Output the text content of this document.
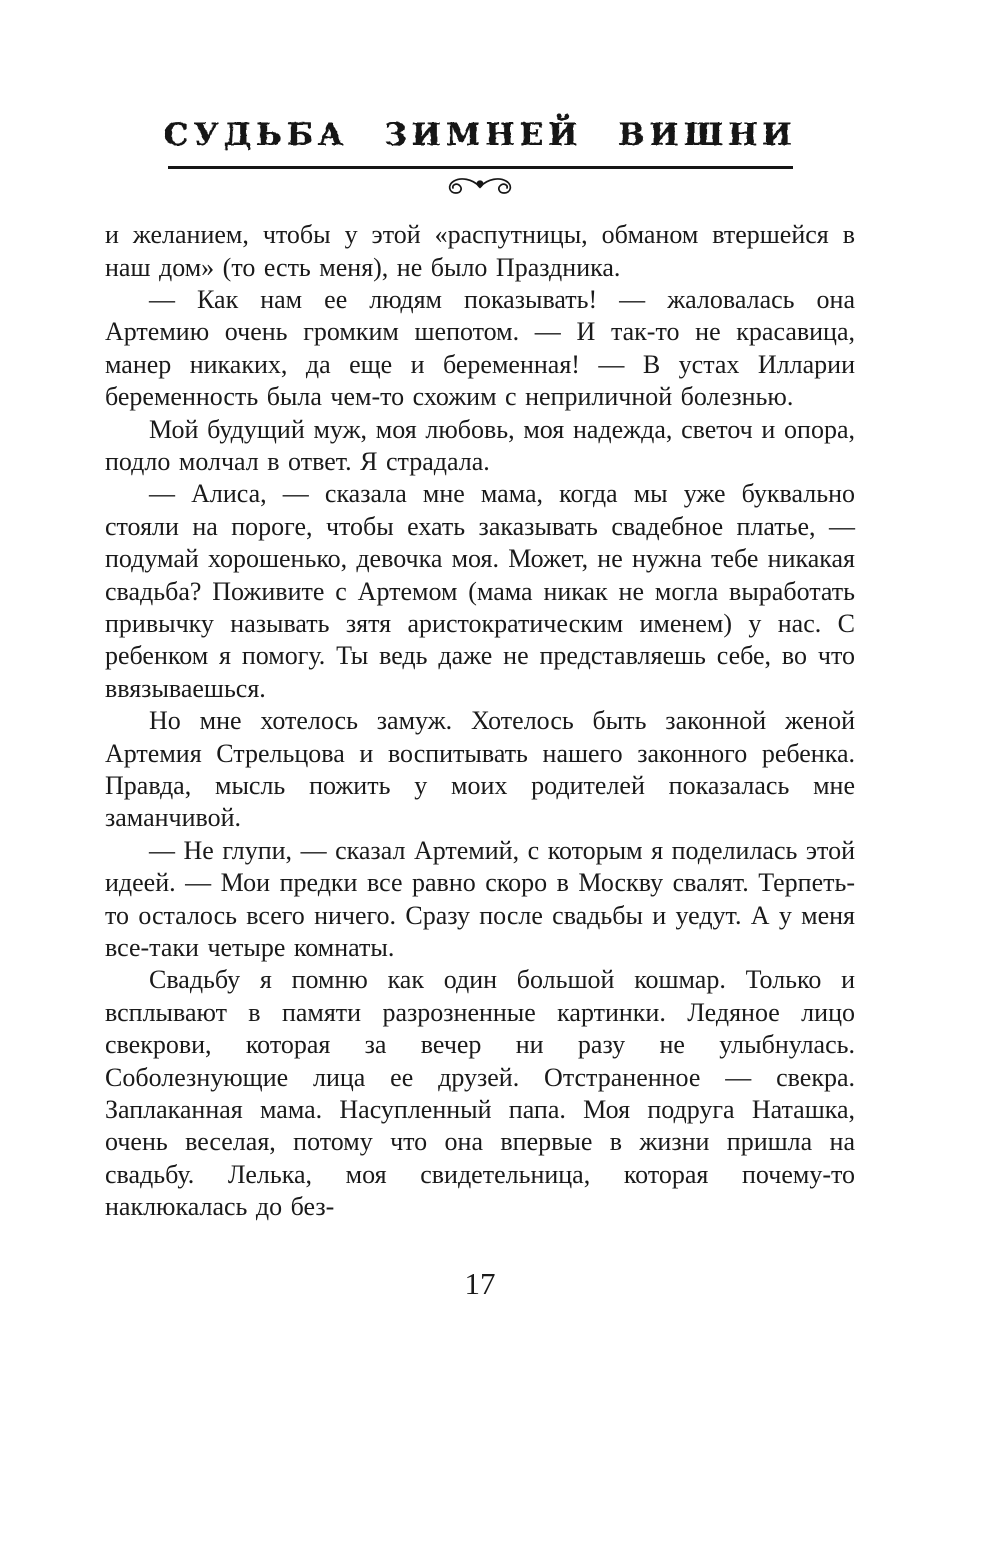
СУДЬБА ЗИМНЕЙ ВИШНИ

и желанием, чтобы у этой «распутницы, обманом втершейся в наш дом» (то есть меня), не было Праздника.

— Как нам ее людям показывать! — жаловалась она Артемию очень громким шепотом. — И так-то не красавица, манер никаких, да еще и беременная! — В устах Илларии беременность была чем-то схожим с неприличной болезнью.

Мой будущий муж, моя любовь, моя надежда, светоч и опора, подло молчал в ответ. Я страдала.

— Алиса, — сказала мне мама, когда мы уже буквально стояли на пороге, чтобы ехать заказывать свадебное платье, — подумай хорошенько, девочка моя. Может, не нужна тебе никакая свадьба? Поживите с Артемом (мама никак не могла выработать привычку называть зятя аристократическим именем) у нас. С ребенком я помогу. Ты ведь даже не представляешь себе, во что ввязываешься.

Но мне хотелось замуж. Хотелось быть законной женой Артемия Стрельцова и воспитывать нашего законного ребенка. Правда, мысль пожить у моих родителей показалась мне заманчивой.

— Не глупи, — сказал Артемий, с которым я поделилась этой идеей. — Мои предки все равно скоро в Москву свалят. Терпеть-то осталось всего ничего. Сразу после свадьбы и уедут. А у меня все-таки четыре комнаты.

Свадьбу я помню как один большой кошмар. Только и всплывают в памяти разрозненные картинки. Ледяное лицо свекрови, которая за вечер ни разу не улыбнулась. Соболезнующие лица ее друзей. Отстраненное — свекра. Заплаканная мама. Насупленный папа. Моя подруга Наташка, очень веселая, потому что она впервые в жизни пришла на свадьбу. Лелька, моя свидетельница, которая почему-то наклюкалась до без-

17
